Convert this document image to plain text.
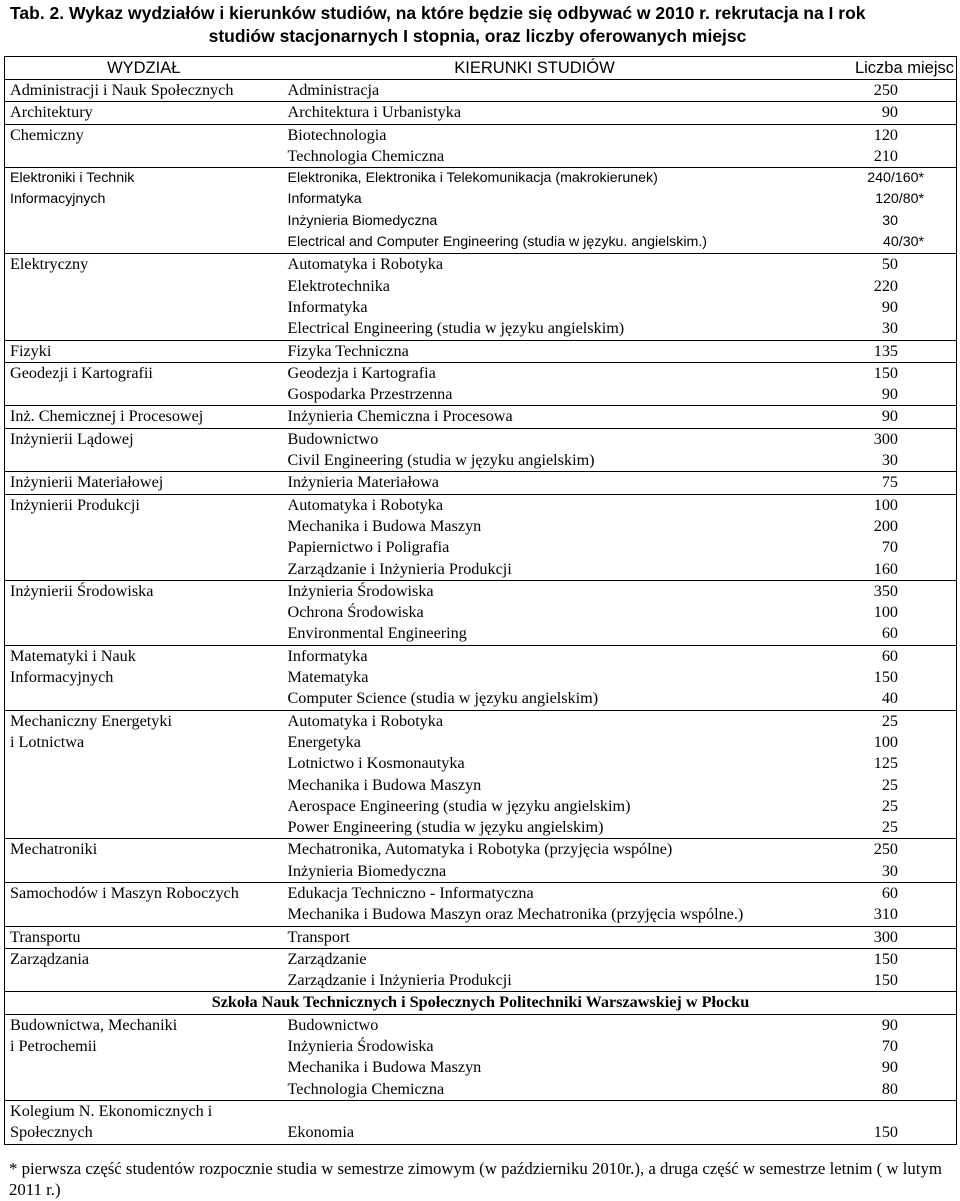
Tab. 2. Wykaz wydziałów i kierunków studiów, na które będzie się odbywać w 2010 r. rekrutacja na I rok
studiów stacjonarnych I stopnia, oraz liczby oferowanych miejsc
WYDZIAŁ	KIERUNKI STUDIÓW	Liczba miejsc
Administracji i Nauk Społecznych	Administracja	250
Architektury	Architektura i Urbanistyka	90
Chemiczny	Biotechnologia	120
	Technologia Chemiczna	210
Elektroniki i Technik	Elektronika, Elektronika i Telekomunikacja (makrokierunek)	240/160*
Informacyjnych	Informatyka	120/80*
	Inżynieria Biomedyczna	30
	Electrical and Computer Engineering (studia w języku. angielskim.)	40/30*
Elektryczny	Automatyka i Robotyka	50
	Elektrotechnika	220
	Informatyka	90
	Electrical Engineering (studia w języku angielskim)	30
Fizyki	Fizyka Techniczna	135
Geodezji i Kartografii	Geodezja i Kartografia	150
	Gospodarka Przestrzenna	90
Inż. Chemicznej i Procesowej	Inżynieria Chemiczna i Procesowa	90
Inżynierii Lądowej	Budownictwo	300
	Civil Engineering (studia w języku angielskim)	30
Inżynierii Materiałowej	Inżynieria Materiałowa	75
Inżynierii Produkcji	Automatyka i Robotyka	100
	Mechanika i Budowa Maszyn	200
	Papiernictwo i Poligrafia	70
	Zarządzanie i Inżynieria Produkcji	160
Inżynierii Środowiska	Inżynieria Środowiska	350
	Ochrona Środowiska	100
	Environmental Engineering	60
Matematyki i Nauk	Informatyka	60
Informacyjnych	Matematyka	150
	Computer Science (studia w języku angielskim)	40
Mechaniczny Energetyki	Automatyka i Robotyka	25
i Lotnictwa	Energetyka	100
	Lotnictwo i Kosmonautyka	125
	Mechanika i Budowa Maszyn	25
	Aerospace Engineering (studia w języku angielskim)	25
	Power Engineering (studia w języku angielskim)	25
Mechatroniki	Mechatronika, Automatyka i Robotyka (przyjęcia wspólne)	250
	Inżynieria Biomedyczna	30
Samochodów i Maszyn Roboczych	Edukacja Techniczno - Informatyczna	60
	Mechanika i Budowa Maszyn oraz Mechatronika (przyjęcia wspólne.)	310
Transportu	Transport	300
Zarządzania	Zarządzanie	150
	Zarządzanie i Inżynieria Produkcji	150
Szkoła Nauk Technicznych i Społecznych Politechniki Warszawskiej w Płocku		
Budownictwa, Mechaniki	Budownictwo	90
i Petrochemii	Inżynieria Środowiska	70
	Mechanika i Budowa Maszyn	90
	Technologia Chemiczna	80
Kolegium N. Ekonomicznych i		
Społecznych	Ekonomia	150
* pierwsza część studentów rozpocznie studia w semestrze zimowym (w październiku 2010r.), a druga część w semestrze letnim ( w lutym 2011 r.)
